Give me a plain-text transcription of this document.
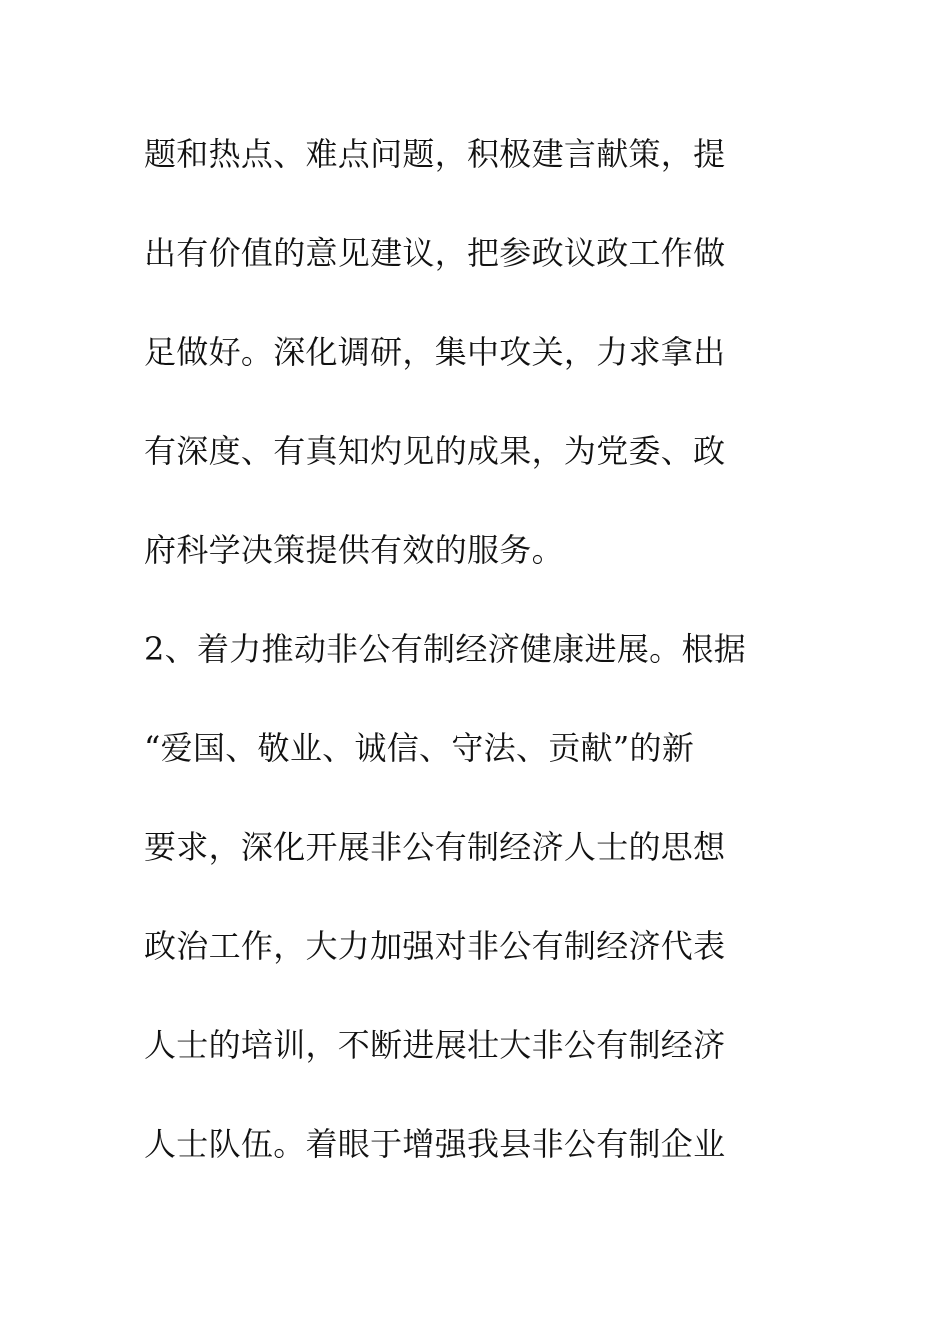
题和热点、难点问题，积极建言献策，提
出有价值的意见建议，把参政议政工作做
足做好。深化调研，集中攻关，力求拿出
有深度、有真知灼见的成果，为党委、政
府科学决策提供有效的服务。
2、着力推动非公有制经济健康进展。根据
“爱国、敬业、诚信、守法、贡献”的新
要求，深化开展非公有制经济人士的思想
政治工作，大力加强对非公有制经济代表
人士的培训，不断进展壮大非公有制经济
人士队伍。着眼于增强我县非公有制企业
